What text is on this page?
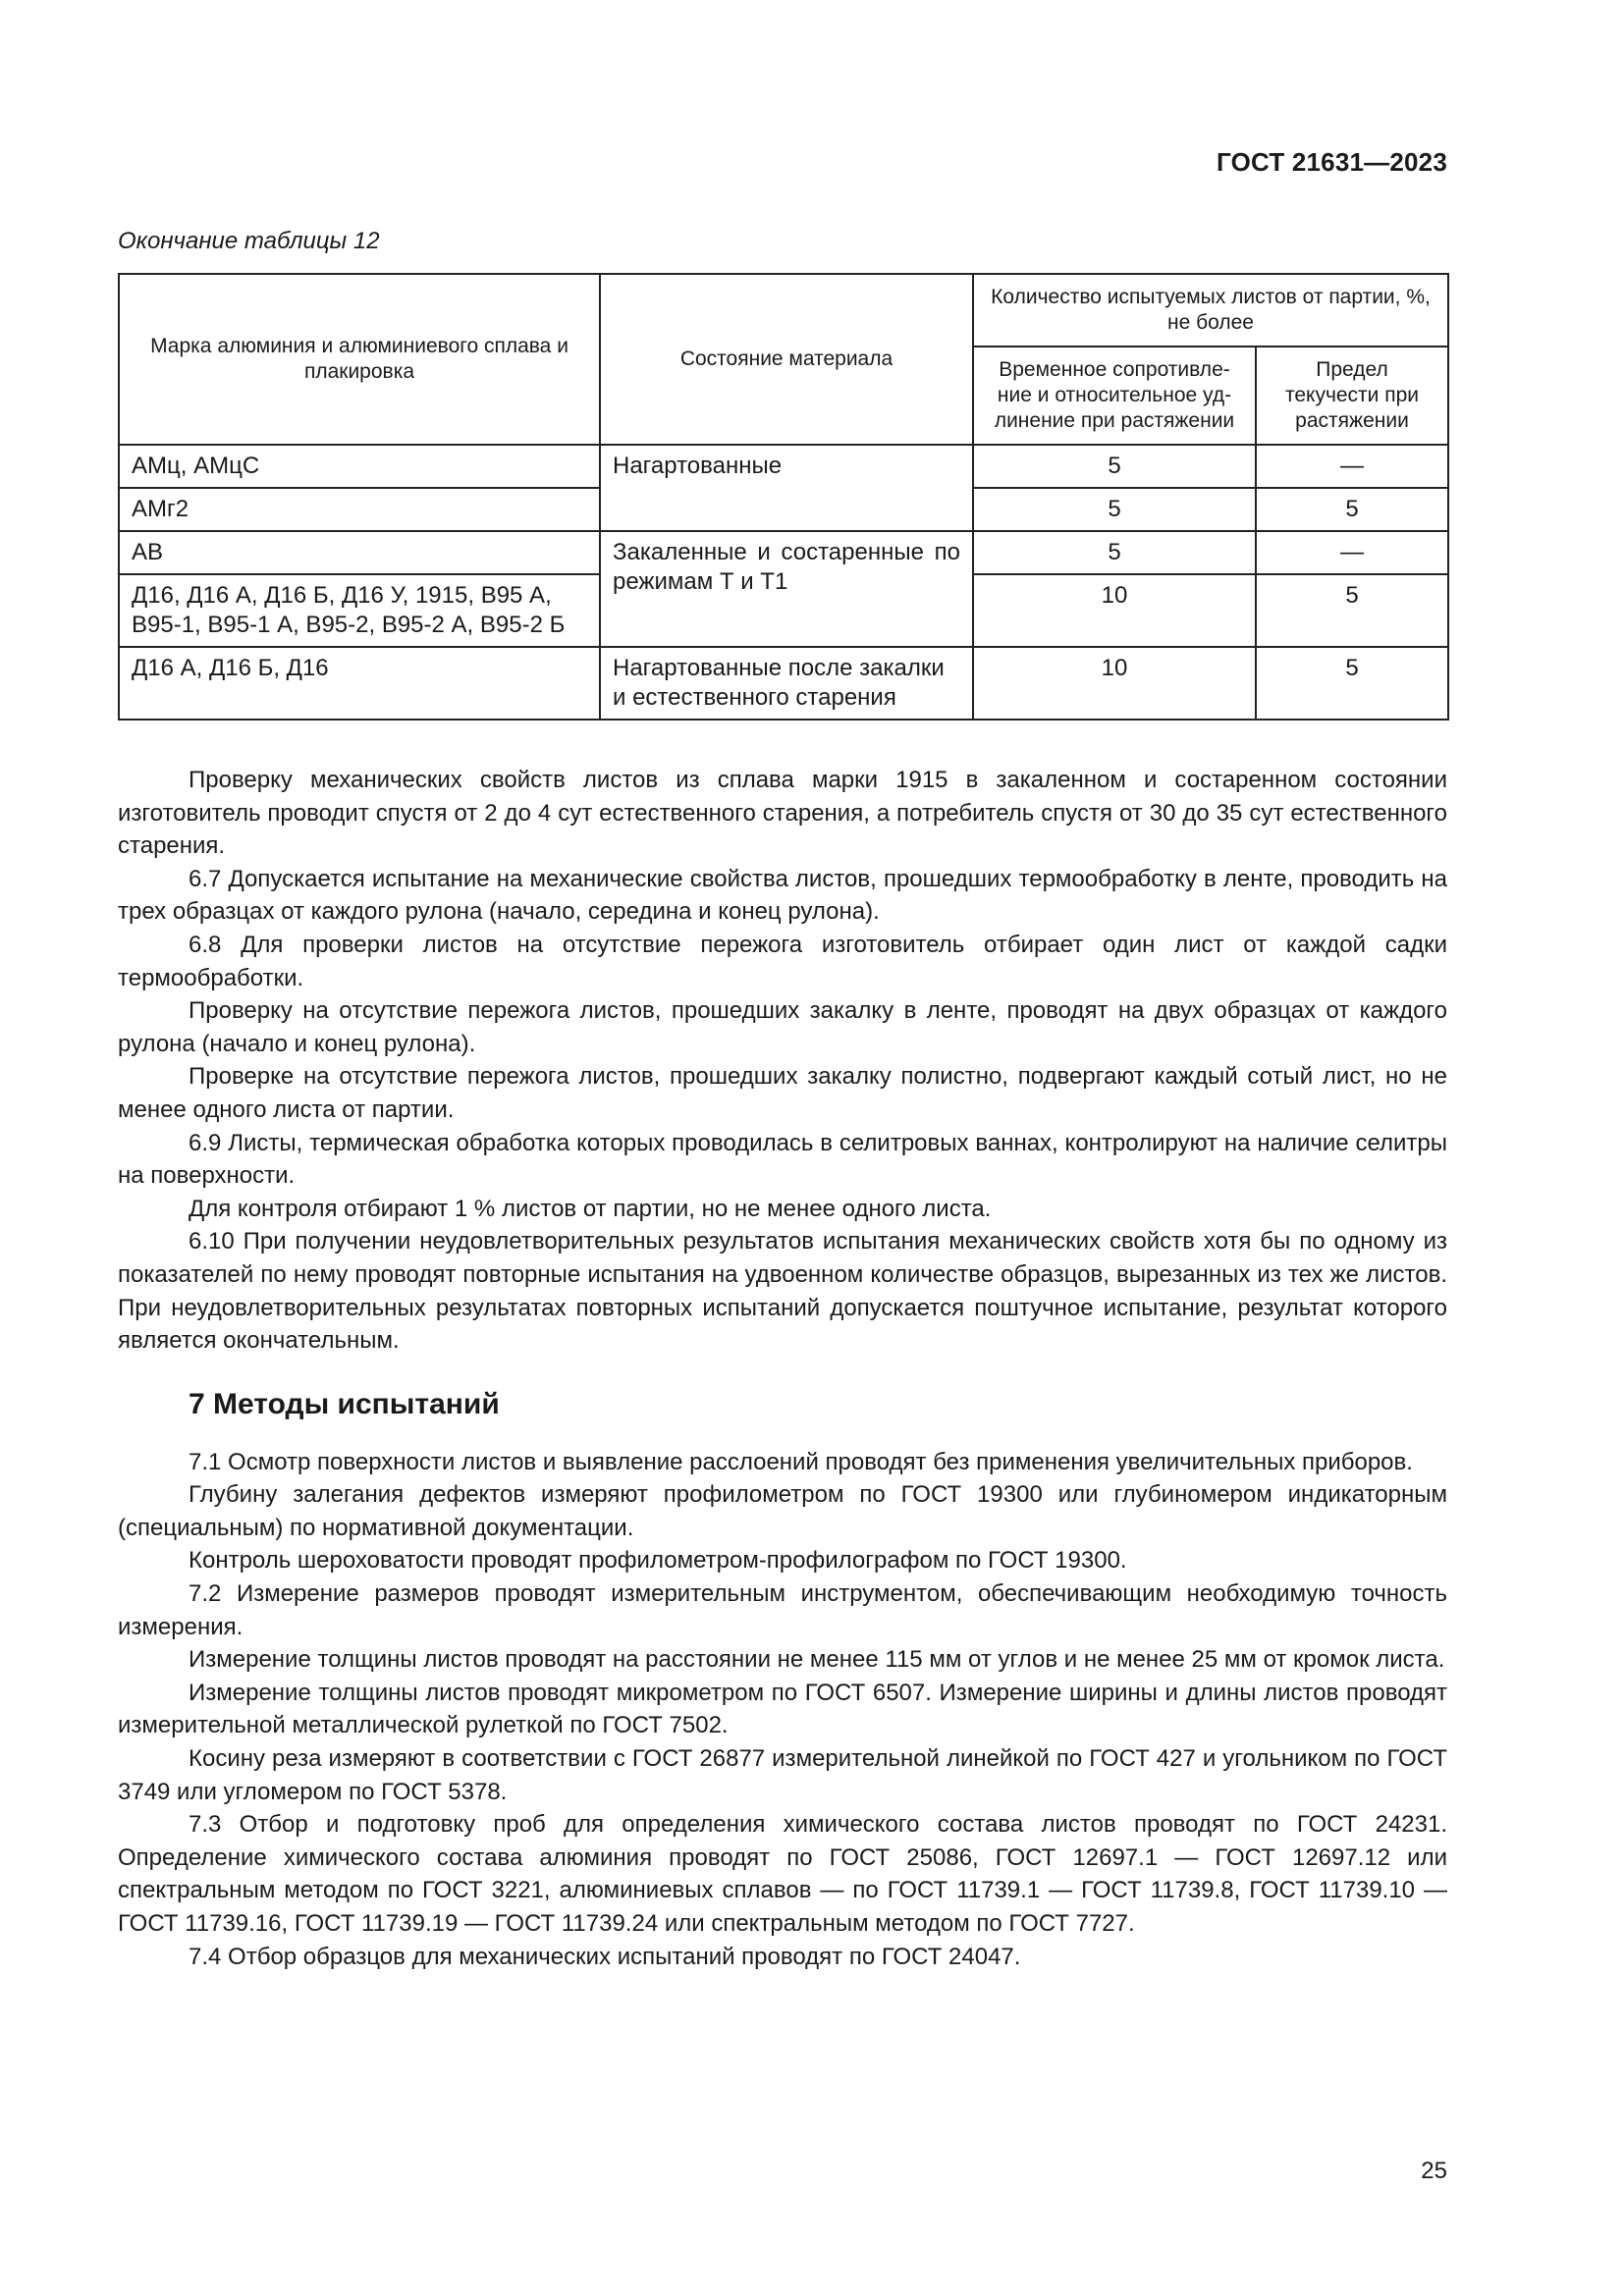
ГОСТ 21631—2023
Окончание таблицы 12
Марка алюминия и алюминиевого сплава и плакировка	Состояние материала	Количество испытуемых листов от партии, %, не более	
		Временное сопротивле-ние и относительное уд-линение при растяжении	Предел текучести при растяжении
АМц, АМцС	Нагартованные	5	—
АМг2		5	5
АВ	Закаленные и состаренные по режимам Т и Т1	5	—
Д16, Д16 А, Д16 Б, Д16 У, 1915, В95 А, В95-1, В95-1 А, В95-2, В95-2 А, В95-2 Б		10	5
Д16 А, Д16 Б, Д16	Нагартованные после закалки и естественного старения	10	5

Проверку механических свойств листов из сплава марки 1915 в закаленном и состаренном состоянии изготовитель проводит спустя от 2 до 4 сут естественного старения, а потребитель спустя от 30 до 35 сут естественного старения.

6.7 Допускается испытание на механические свойства листов, прошедших термообработку в ленте, проводить на трех образцах от каждого рулона (начало, середина и конец рулона).

6.8 Для проверки листов на отсутствие пережога изготовитель отбирает один лист от каждой садки термообработки.

Проверку на отсутствие пережога листов, прошедших закалку в ленте, проводят на двух образцах от каждого рулона (начало и конец рулона).

Проверке на отсутствие пережога листов, прошедших закалку полистно, подвергают каждый сотый лист, но не менее одного листа от партии.

6.9 Листы, термическая обработка которых проводилась в селитровых ваннах, контролируют на наличие селитры на поверхности.

Для контроля отбирают 1 % листов от партии, но не менее одного листа.

6.10 При получении неудовлетворительных результатов испытания механических свойств хотя бы по одному из показателей по нему проводят повторные испытания на удвоенном количестве образцов, вырезанных из тех же листов. При неудовлетворительных результатах повторных испытаний допускается поштучное испытание, результат которого является окончательным.

7 Методы испытаний

7.1 Осмотр поверхности листов и выявление расслоений проводят без применения увеличительных приборов.

Глубину залегания дефектов измеряют профилометром по ГОСТ 19300 или глубиномером индикаторным (специальным) по нормативной документации.

Контроль шероховатости проводят профилометром-профилографом по ГОСТ 19300.

7.2 Измерение размеров проводят измерительным инструментом, обеспечивающим необходимую точность измерения.

Измерение толщины листов проводят на расстоянии не менее 115 мм от углов и не менее 25 мм от кромок листа.

Измерение толщины листов проводят микрометром по ГОСТ 6507. Измерение ширины и длины листов проводят измерительной металлической рулеткой по ГОСТ 7502.

Косину реза измеряют в соответствии с ГОСТ 26877 измерительной линейкой по ГОСТ 427 и угольником по ГОСТ 3749 или угломером по ГОСТ 5378.

7.3 Отбор и подготовку проб для определения химического состава листов проводят по ГОСТ 24231. Определение химического состава алюминия проводят по ГОСТ 25086, ГОСТ 12697.1 — ГОСТ 12697.12 или спектральным методом по ГОСТ 3221, алюминиевых сплавов — по ГОСТ 11739.1 — ГОСТ 11739.8, ГОСТ 11739.10 — ГОСТ 11739.16, ГОСТ 11739.19 — ГОСТ 11739.24 или спектральным методом по ГОСТ 7727.

7.4 Отбор образцов для механических испытаний проводят по ГОСТ 24047.

25
